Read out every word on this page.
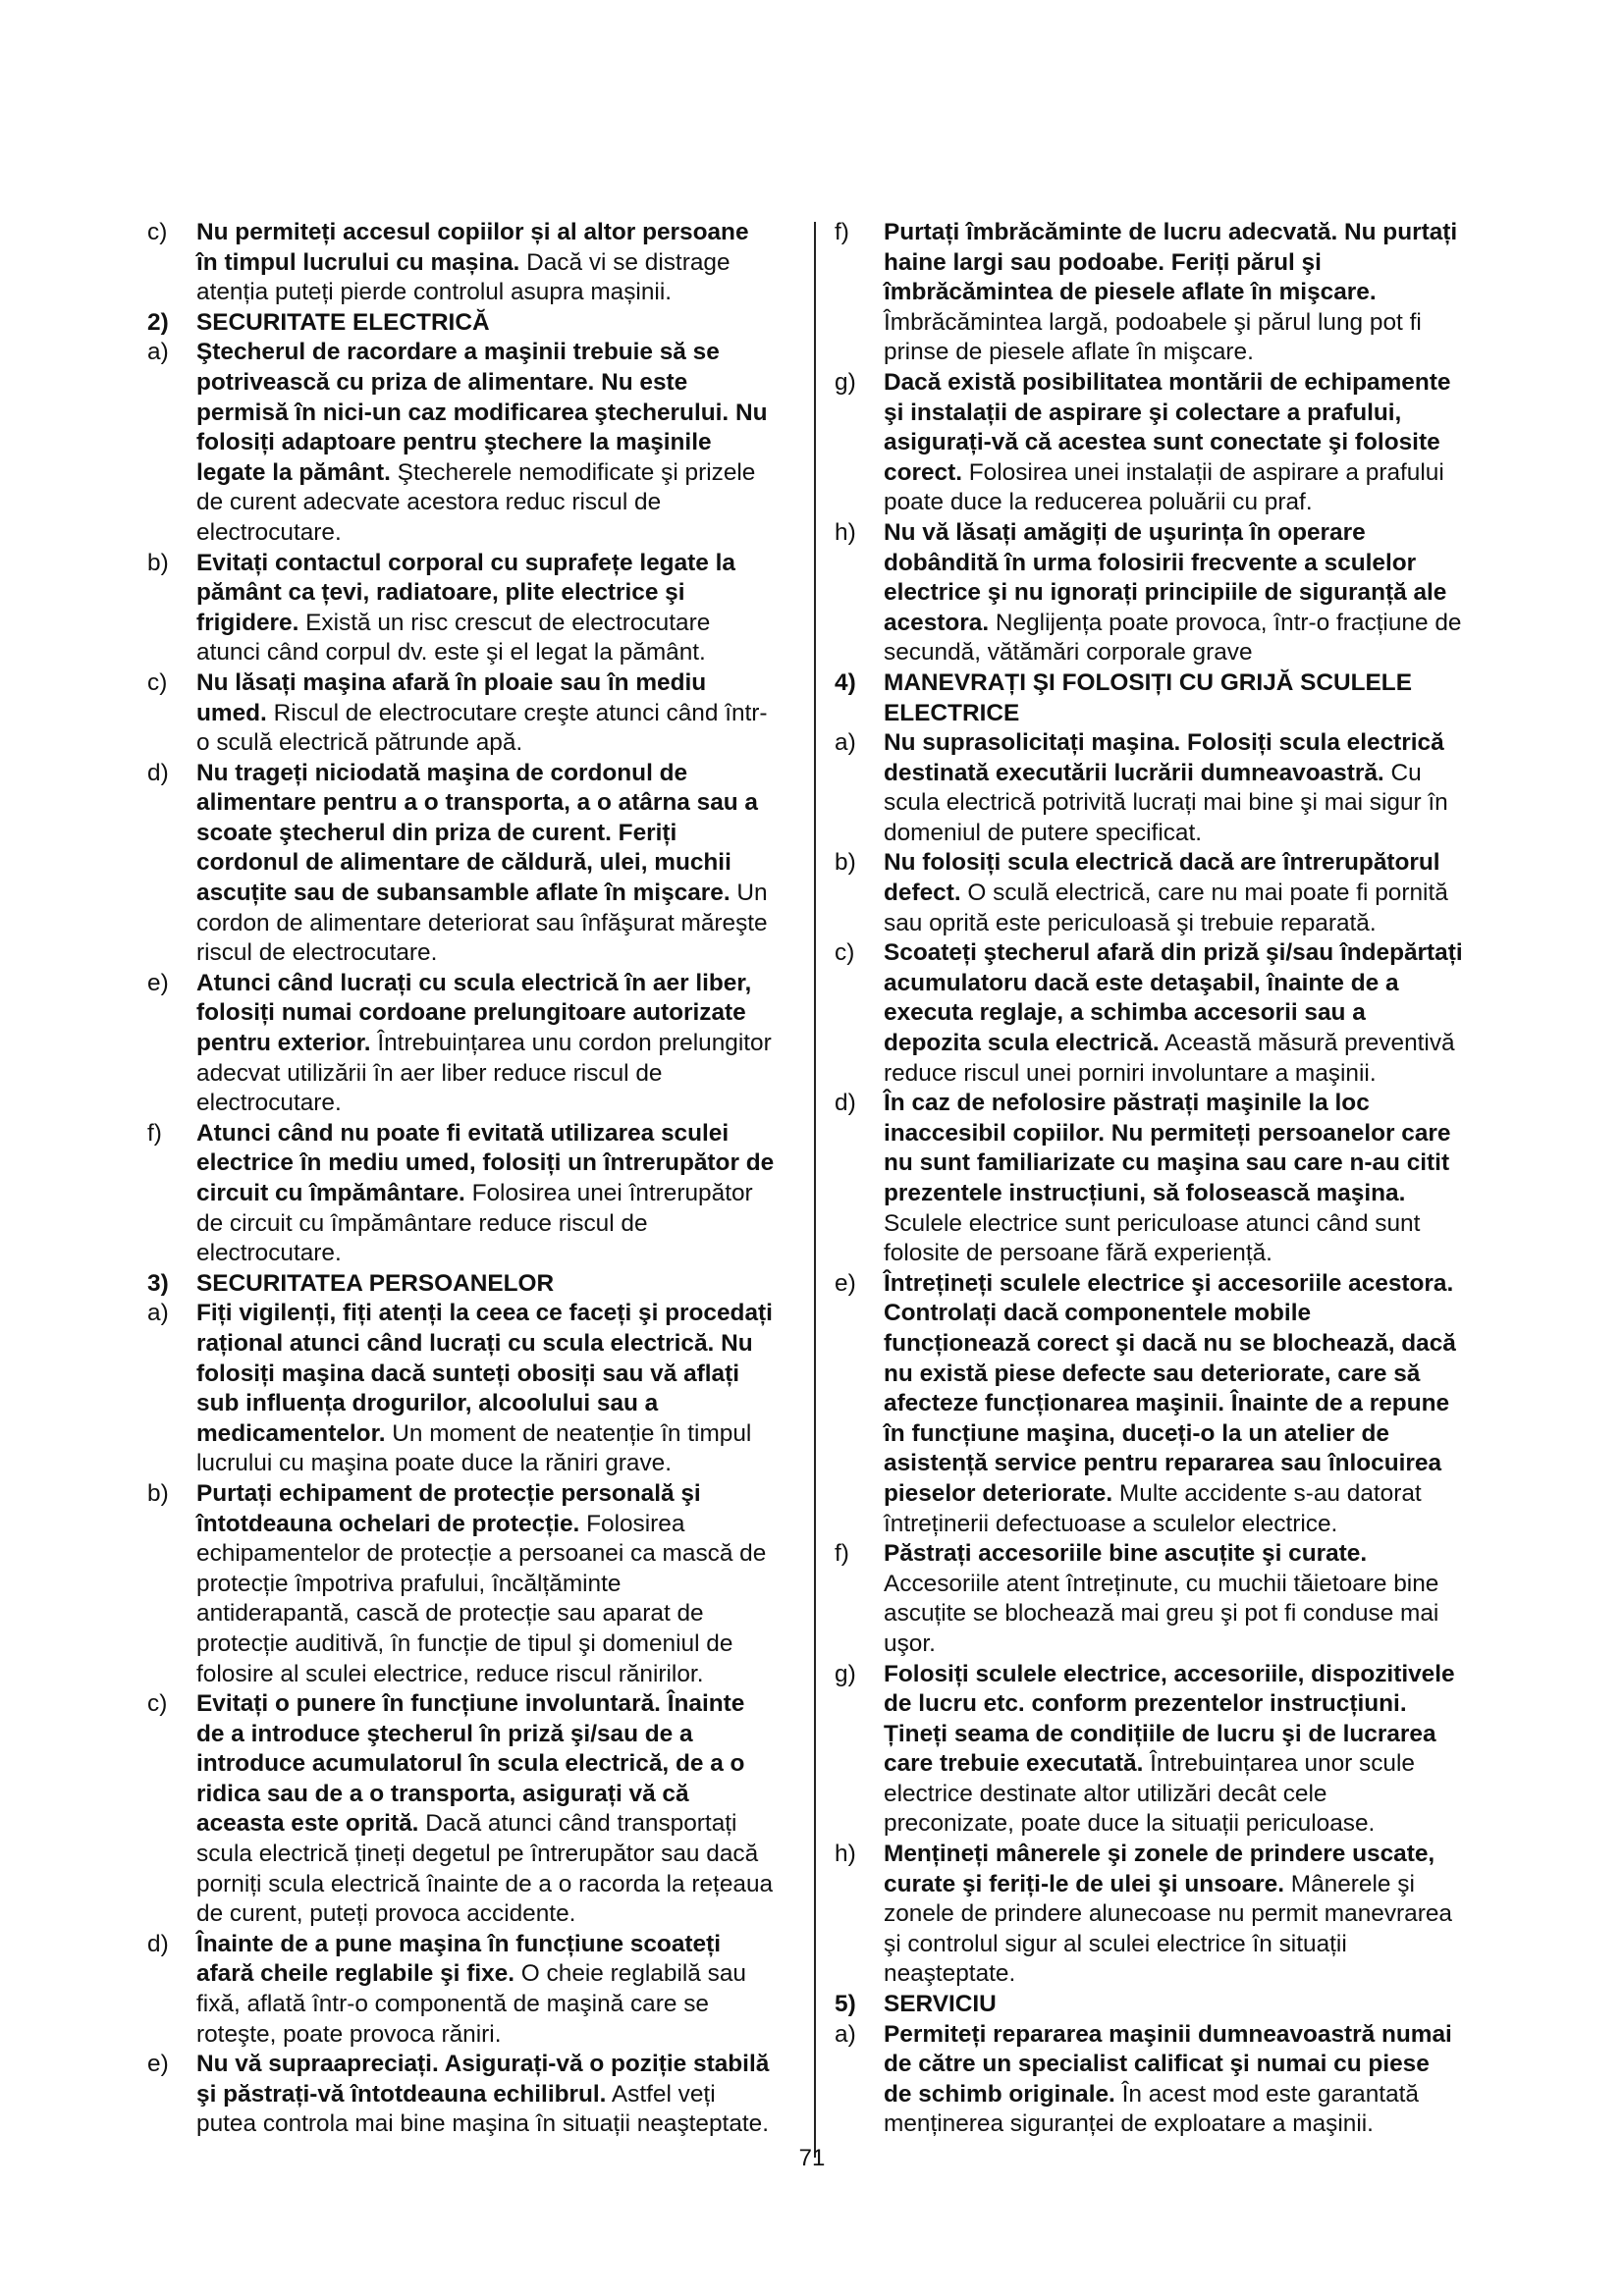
c)	Nu permiteți accesul copiilor și al altor persoane în timpul lucrului cu mașina. Dacă vi se distrage atenția puteți pierde controlul asupra mașinii.
2)	SECURITATE ELECTRICĂ
a)	Ştecherul de racordare a maşinii trebuie să se potrivească cu priza de alimentare. Nu este permisă în nici-un caz modificarea ştecherului. Nu folosiți adaptoare pentru ştechere la maşinile legate la pământ. Ştecherele nemodificate şi prizele de curent adecvate acestora reduc riscul de electrocutare.
b)	Evitați contactul corporal cu suprafețe legate la pământ ca țevi, radiatoare, plite electrice şi frigidere. Există un risc crescut de electrocutare atunci când corpul dv. este şi el legat la pământ.
c)	Nu lăsați maşina afară în ploaie sau în mediu umed. Riscul de electrocutare creşte atunci când într-o sculă electrică pătrunde apă.
d)	Nu trageți niciodată maşina de cordonul de alimentare pentru a o transporta, a o atârna sau a scoate ştecherul din priza de curent. Feriți cordonul de alimentare de căldură, ulei, muchii ascuțite sau de subansamble aflate în mişcare. Un cordon de alimentare deteriorat sau înfăşurat măreşte riscul de electrocutare.
e)	Atunci când lucrați cu scula electrică în aer liber, folosiți numai cordoane prelungitoare autorizate pentru exterior. Întrebuințarea unu cordon prelungitor adecvat utilizării în aer liber reduce riscul de electrocutare.
f)	Atunci când nu poate fi evitată utilizarea sculei electrice în mediu umed, folosiți un întrerupător de circuit cu împământare. Folosirea unei întrerupător de circuit cu împământare reduce riscul de electrocutare.
3)	SECURITATEA PERSOANELOR
a)	Fiți vigilenți, fiți atenți la ceea ce faceți şi procedați rațional atunci când lucrați cu scula electrică. Nu folosiți maşina dacă sunteți obosiți sau vă aflați sub influența drogurilor, alcoolului sau a medicamentelor. Un moment de neatenție în timpul lucrului cu maşina poate duce la răniri grave.
b)	Purtați echipament de protecție personală şi întotdeauna ochelari de protecție. Folosirea echipamentelor de protecție a persoanei ca mască de protecție împotriva prafului, încălțăminte antiderapantă, cască de protecție sau aparat de protecție auditivă, în funcție de tipul şi domeniul de folosire al sculei electrice, reduce riscul rănirilor.
c)	Evitați o punere în funcțiune involuntară. Înainte de a introduce ştecherul în priză şi/sau de a introduce acumulatorul în scula electrică, de a o ridica sau de a o transporta, asigurați vă că aceasta este oprită. Dacă atunci când transportați scula electrică țineți degetul pe întrerupător sau dacă porniți scula electrică înainte de a o racorda la rețeaua de curent, puteți provoca accidente.
d)	Înainte de a pune maşina în funcțiune scoateți afară cheile reglabile şi fixe. O cheie reglabilă sau fixă, aflată într-o componentă de maşină care se roteşte, poate provoca răniri.
e)	Nu vă supraapreciați. Asigurați-vă o poziție stabilă şi păstrați-vă întotdeauna echilibrul. Astfel veți putea controla mai bine maşina în situații neaşteptate.
f)	Purtați îmbrăcăminte de lucru adecvată. Nu purtați haine largi sau podoabe. Feriți părul şi îmbrăcămintea de piesele aflate în mişcare. Îmbrăcămintea largă, podoabele şi părul lung pot fi prinse de piesele aflate în mişcare.
g)	Dacă există posibilitatea montării de echipamente şi instalații de aspirare şi colectare a prafului, asigurați-vă că acestea sunt conectate şi folosite corect. Folosirea unei instalații de aspirare a prafului poate duce la reducerea poluării cu praf.
h)	Nu vă lăsați amăgiți de uşurința în operare dobândită în urma folosirii frecvente a sculelor electrice şi nu ignorați principiile de siguranță ale acestora. Neglijența poate provoca, într-o fracțiune de secundă, vătămări corporale grave
4)	MANEVRAȚI ŞI FOLOSIȚI CU GRIJĂ SCULELE ELECTRICE
a)	Nu suprasolicitați maşina. Folosiți scula electrică destinată executării lucrării dumneavoastră. Cu scula electrică potrivită lucrați mai bine şi mai sigur în domeniul de putere specificat.
b)	Nu folosiți scula electrică dacă are întrerupătorul defect. O sculă electrică, care nu mai poate fi pornită sau oprită este periculoasă şi trebuie reparată.
c)	Scoateți ştecherul afară din priză şi/sau îndepărtați acumulatoru dacă este detaşabil, înainte de a executa reglaje, a schimba accesorii sau a depozita scula electrică. Această măsură preventivă reduce riscul unei porniri involuntare a maşinii.
d)	În caz de nefolosire păstrați maşinile la loc inaccesibil copiilor. Nu permiteți persoanelor care nu sunt familiarizate cu maşina sau care n-au citit prezentele instrucțiuni, să folosească maşina. Sculele electrice sunt periculoase atunci când sunt folosite de persoane fără experiență.
e)	Întrețineți sculele electrice şi accesoriile acestora. Controlați dacă componentele mobile funcționează corect şi dacă nu se blochează, dacă nu există piese defecte sau deteriorate, care să afecteze funcționarea maşinii. Înainte de a repune în funcțiune maşina, duceți-o la un atelier de asistență service pentru repararea sau înlocuirea pieselor deteriorate. Multe accidente s-au datorat întreținerii defectuoase a sculelor electrice.
f)	Păstrați accesoriile bine ascuțite şi curate. Accesoriile atent întreținute, cu muchii tăietoare bine ascuțite se blochează mai greu şi pot fi conduse mai uşor.
g)	Folosiți sculele electrice, accesoriile, dispozitivele de lucru etc. conform prezentelor instrucțiuni. Țineți seama de condițiile de lucru şi de lucrarea care trebuie executată. Întrebuințarea unor scule electrice destinate altor utilizări decât cele preconizate, poate duce la situații periculoase.
h)	Mențineți mânerele şi zonele de prindere uscate, curate şi feriți-le de ulei şi unsoare. Mânerele şi zonele de prindere alunecoase nu permit manevrarea şi controlul sigur al sculei electrice în situații neaşteptate.
5)	SERVICIU
a)	Permiteți repararea maşinii dumneavoastră numai de către un specialist calificat şi numai cu piese de schimb originale. În acest mod este garantată menținerea siguranței de exploatare a maşinii.
71
